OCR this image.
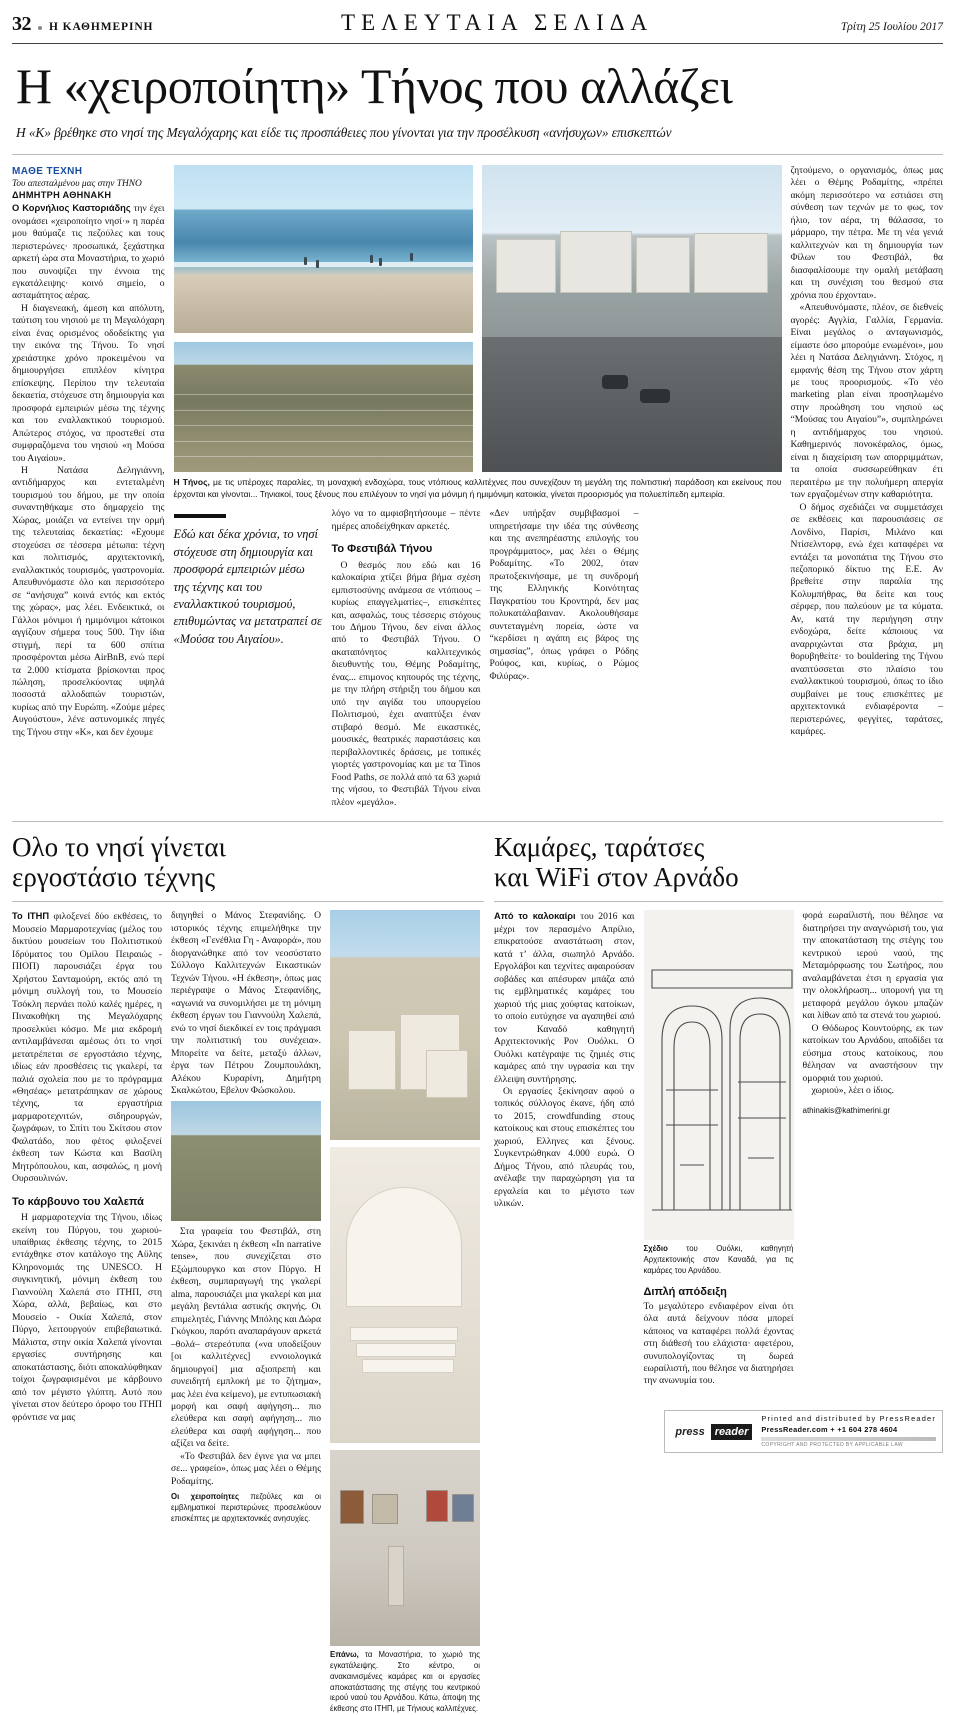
32 Η ΚΑΘΗΜΕΡΙΝΗ	ΤΕΛΕΥΤΑΙΑ ΣΕΛΙΔΑ	Τρίτη 25 Ιουλίου 2017
Η «χειροποίητη» Τήνος που αλλάζει
Η «Κ» βρέθηκε στο νησί της Μεγαλόχαρης και είδε τις προσπάθειες που γίνονται για την προσέλκυση «ανήσυχων» επισκεπτών

ΜΑΘΕ ΤΕΧΝΗ

Του απεσταλμένου μας στην ΤΗΝΟ

ΔΗΜΗΤΡΗ ΑΘΗΝΑΚΗ

Ο Κορνήλιος Καστοριάδης την έχει ονομάσει «χειροποίητο νησί·» η παρέα μου θαύμαζε τις πεζούλες και τους περιστερώνες· προσωπικά, ξεχάστηκα αρκετή ώρα στα Μοναστήρια, το χωριό που συνοψίζει την έννοια της εγκατάλειψης· κοινό σημείο, ο ασταμάτητος αέρας.

Η διαγενεακή, άμεση και απόλυτη, ταύτιση του νησιού με τη Μεγαλόχαρη είναι ένας ορισμένος οδοδείκτης για την εικόνα της Τήνου. Το νησί χρειάστηκε χρόνο προκειμένου να δημιουργήσει επιπλέον κίνητρα επίσκεψης. Περίπου την τελευταία δεκαετία, στόχευσε στη δημιουργία και προσφορά εμπειριών μέσω της τέχνης και του εναλλακτικού τουρισμού. Απώτερος στόχος, να προστεθεί στα συμφραζόμενα του νησιού «η Μούσα του Αιγαίου».

Η Νατάσα Δεληγιάννη, αντιδήμαρχος και εντεταλμένη τουρισμού του δήμου, με την οποία συναντηθήκαμε στο δημαρχείο της Χώρας, μοιάζει να εντείνει την ορμή της τελευταίας δεκαετίας: «Εχουμε στοχεύσει σε τέσσερα μέτωπα: τέχνη και πολιτισμός, αρχιτεκτονική, εναλλακτικός τουρισμός, γαστρονομία. Απευθυνόμαστε όλο και περισσότερο σε “ανήσυχα” κοινά εντός και εκτός της χώρας», μας λέει. Ενδεικτικά, οι Γάλλοι μόνιμοι ή ημιμόνιμοι κάτοικοι αγγίζουν σήμερα τους 500. Την ίδια στιγμή, περί τα 600 σπίτια προσφέρονται μέσω AirBnB, ενώ περί τα 2.000 κτίσματα βρίσκονται προς πώληση, προσελκύοντας υψηλά ποσοστά αλλοδαπών τουριστών, κυρίως από την Ευρώπη. «Ζούμε μέρες Αυγούστου», λένε αστυνομικές πηγές της Τήνου στην «Κ», και δεν έχουμε

Η Τήνος, με τις υπέροχες παραλίες, τη μοναχική ενδοχώρα, τους ντόπιους καλλιτέχνες που συνεχίζουν τη μεγάλη της πολιτιστική παράδοση και εκείνους που έρχονται και γίνονται... Τηνιακοί, τους ξένους που επιλέγουν το νησί για μόνιμη ή ημιμόνιμη κατοικία, γίνεται προορισμός για πολυεπίπεδη εμπειρία.
Εδώ και δέκα χρόνια, το νησί στόχευσε στη δημιουργία και προσφορά εμπειριών μέσω της τέχνης και του εναλλακτικού τουρισμού, επιθυμώντας να μετατραπεί σε «Μούσα του Αιγαίου».

λόγο να το αμφισβητήσουμε – πέντε ημέρες αποδείχθηκαν αρκετές.

Το Φεστιβάλ Τήνου

Ο θεσμός που εδώ και 16 καλοκαίρια χτίζει βήμα βήμα σχέση εμπιστοσύνης ανάμεσα σε ντόπιους –κυρίως επαγγελματίες–, επισκέπτες και, ασφαλώς, τους τέσσερις στόχους του Δήμου Τήνου, δεν είναι άλλος από το Φεστιβάλ Τήνου. Ο ακαταπόνητος καλλιτεχνικός διευθυντής του, Θέμης Ροδαμίτης, ένας... επιμονος κηπουρός της τέχνης, με την πλήρη στήριξη του δήμου και υπό την αιγίδα του υπουργείου Πολιτισμού, έχει αναπτύξει έναν στιβαρό θεσμό. Με εικαστικές, μουσικές, θεατρικές παραστάσεις και περιβαλλοντικές δράσεις, με τοπικές γιορτές γαστρονομίας και με τα Tinos Food Paths, σε πολλά από τα 63 χωριά της νήσου, το Φεστιβάλ Τήνου είναι πλέον «μεγάλο».

«Δεν υπήρξαν συμβιβασμοί – υπηρετήσαμε την ιδέα της σύνθεσης και της ανεπηρέαστης επιλογής του προγράμματος», μας λέει ο Θέμης Ροδαμίτης. «Το 2002, όταν πρωτοξεκινήσαμε, με τη συνδρομή της Ελληνικής Κοινότητας Παγκρατίου του Κροντηρά, δεν μας πολυκατάλαβαιναν. Ακολουθήσαμε συντεταγμένη πορεία, ώστε να “κερδίσει η αγάπη εις βάρος της σημασίας”, όπως γράφει ο Ρόδης Ρούφος, και, κυρίως, ο Ρώμος Φιλύρας».

ζητούμενο, ο οργανισμός, όπως μας λέει ο Θέμης Ροδαμίτης, «πρέπει ακόμη περισσότερο να εστιάσει στη σύνθεση των τεχνών με το φως, τον ήλιο, τον αέρα, τη θάλασσα, το μάρμαρο, την πέτρα. Με τη νέα γενιά καλλιτεχνών και τη δημιουργία των Φίλων του Φεστιβάλ, θα διασφαλίσουμε την ομαλή μετάβαση και τη συνέχιση του θεσμού στα χρόνια που έρχονται».

«Απευθυνόμαστε, πλέον, σε διεθνείς αγορές: Αγγλία, Γαλλία, Γερμανία. Είναι μεγάλος ο ανταγωνισμός, είμαστε όσο μπορούμε ενωμένοι», μου λέει η Νατάσα Δεληγιάννη. Στόχος, η εμφανής θέση της Τήνου στον χάρτη με τους προορισμούς. «Το νέο marketing plan είναι προσηλωμένο στην προώθηση του νησιού ως “Μούσας του Αιγαίου”», συμπληρώνει η αντιδήμαρχος του νησιού. Καθημερινός πονοκέφαλος, όμως, είναι η διαχείριση των απορριμμάτων, τα οποία συσσωρεύθηκαν έτι περαιτέρω με την πολυήμερη απεργία των εργαζομένων στην καθαριότητα.

Ο δήμος σχεδιάζει να συμμετάσχει σε εκθέσεις και παρουσιάσεις σε Λονδίνο, Παρίσι, Μιλάνο και Ντίσελντορφ, ενώ έχει καταφέρει να εντάξει τα μονοπάτια της Τήνου στο πεζοπορικό δίκτυο της Ε.Ε. Αν βρεθείτε στην παραλία της Κολυμπήθρας, θα δείτε και τους σέρφερ, που παλεύουν με τα κύματα. Αν, κατά την περιήγηση στην ενδοχώρα, δείτε κάποιους να αναρριχώνται στα βράχια, μη θορυβηθείτε· το bouldering της Τήνου αναπτύσσεται στο πλαίσιο του εναλλακτικού τουρισμού, όπως το ίδιο συμβαίνει με τους επισκέπτες με αρχιτεκτονικά ενδιαφέροντα – περιστερώνες, φεγγίτες, ταράτσες, καμάρες.

Ολο το νησί γίνεται
εργοστάσιο τέχνης

Το ΙΤΗΠ φιλοξενεί δύο εκθέσεις, το Μουσείο Μαρμαροτεχνίας (μέλος του δικτύου μουσείων του Πολιτιστικού Ιδρύματος του Ομίλου Πειραιώς - ΠΙΟΠ) παρουσιάζει έργα του Χρήστου Σανταμούρη, εκτός από τη μόνιμη συλλογή του, το Μουσείο Τσόκλη περνάει πολύ καλές ημέρες, η Πινακοθήκη της Μεγαλόχαρης προσελκύει κόσμο. Με μια εκδρομή αντιλαμβάνεσαι αμέσως ότι το νησί μετατρέπεται σε εργοστάσιο τέχνης, ιδίως εάν προσθέσεις τις γκαλερί, τα παλιά σχολεία που με το πρόγραμμα «Θησέας» μετατράπηκαν σε χώρους τέχνης, τα εργαστήρια μαρμαροτεχνιτών, σιδηρουργών, ζωγράφων, το Σπίτι του Σκίτσου στον Φαλατάδο, που φέτος φιλοξενεί έκθεση των Κώστα και Βασίλη Μητρόπουλου, και, ασφαλώς, η μονή Ουρσουλινών.

Το κάρβουνο του Χαλεπά

Η μαρμαροτεχνία της Τήνου, ιδίως εκείνη του Πύργου, του χωριού-υπαίθριας έκθεσης τέχνης, το 2015 εντάχθηκε στον κατάλογο της Αϋλης Κληρονομιάς της UNESCO. Η συγκινητική, μόνιμη έκθεση του Γιαννούλη Χαλεπά στο ΙΤΗΠ, στη Χώρα, αλλά, βεβαίως, και στο Μουσείο - Οικία Χαλεπά, στον Πύργο, λειτουργούν επιβεβαιωτικά. Μάλιστα, στην οικία Χαλεπά γίνονται εργασίες συντήρησης και αποκατάστασης, διότι αποκαλύφθηκαν τοίχοι ζωγραφισμένοι με κάρβουνο από τον μέγιστο γλύπτη. Αυτό που γίνεται στον δεύτερο όροφο του ΙΤΗΠ φρόντισε να μας

διηγηθεί ο Μάνος Στεφανίδης. Ο ιστορικός τέχνης επιμελήθηκε την έκθεση «Γενέθλια Γη - Αναφορά», που διοργανώθηκε από τον νεοσύστατο Σύλλογο Καλλιτεχνών Εικαστικών Τεχνών Τήνου. «Η έκθεση», όπως μας περιέγραψε ο Μάνος Στεφανίδης, «αγωνιά να συνομιλήσει με τη μόνιμη έκθεση έργων του Γιαννούλη Χαλεπά, ενώ το νησί διεκδικεί εν τοις πράγμασι την πολιτιστική του συνέχεια». Μπορείτε να δείτε, μεταξύ άλλων, έργα των Πέτρου Ζουμπουλάκη, Αλέκου Κυραρίνη, Δημήτρη Σκαλκώτου, Εβελυν Φώσκολου.

Στα γραφεία του Φεστιβάλ, στη Χώρα, ξεκινάει η έκθεση «In narrative tense», που συνεχίζεται στο Εξώμπουργκο και στον Πύργο. Η έκθεση, συμπαραγωγή της γκαλερί alma, παρουσιάζει μια γκαλερί και μια μεγάλη βεντάλια αστικής σκηνής. Οι επιμελητές, Γιάννης Μπόλης και Δώρα Γκόγκου, παρότι αναπαράγουν αρκετά –θολά– στερεότυπα («να υποδείξουν [οι καλλιτέχνες] εννοιολογικά δημιουργοί] μια αξιοπρεπή και συνειδητή εμπλοκή με το ζήτημα», μας λέει ένα κείμενο), με εντυπωσιακή μορφή και σαφή αφήγηση... πιο ελεύθερα και σαφή αφήγηση... πιο ελεύθερα και σαφή αφήγηση... που αξίζει να δείτε.

«Το Φεστιβάλ δεν έγινε για να μπει σε... γραφείο», όπως μας λέει ο Θέμης Ροδαμίτης.

Οι χειροποίητες πεζούλες και οι εμβληματικοί περιστερώνες προσελκύουν επισκέπτες με αρχιτεκτονικές ανησυχίες.
Επάνω, τα Μοναστήρια, το χωριό της εγκατάλειψης. Στο κέντρο, οι ανακαινισμένες καμάρες και οι εργασίες αποκατάστασης της στέγης του κεντρικού ιερού ναού του Αρνάδου. Κάτω, άποψη της έκθεσης στο ΙΤΗΠ, με Τήνιους καλλιτέχνες.
Καμάρες, ταράτσες
και WiFi στον Αρνάδο

Από το καλοκαίρι του 2016 και μέχρι τον περασμένο Απρίλιο, επικρατούσε αναστάτωση στον, κατά τ’ άλλα, σιωπηλό Αρνάδο. Εργολάβοι και τεχνίτες αφαιρούσαν σοβάδες και απέσυραν μπάζα από τις εμβληματικές καμάρες του χωριού τής μιας χούφτας κατοίκων, το οποίο ευτύχησε να αγαπηθεί από τον Καναδό καθηγητή Αρχιτεκτονικής Ρον Ουόλκι. Ο Ουόλκι κατέγραψε τις ζημιές στις καμάρες από την υγρασία και την έλλειψη συντήρησης.

Οι εργασίες ξεκίνησαν αφού ο τοπικός σύλλογος έκανε, ήδη από το 2015, crowdfunding στους κατοίκους και στους επισκέπτες του χωριού, Ελληνες και ξένους. Συγκεντρώθηκαν 4.000 ευρώ. Ο Δήμος Τήνου, από πλευράς του, ανέλαβε την παραχώρηση για τα εργαλεία και το μέγιστο των υλικών.

Σχέδιο του Ουόλκι, καθηγητή Αρχιτεκτονικής στον Καναδά, για τις καμάρες του Αρνάδου.
Διπλή απόδειξη

Το μεγαλύτερο ενδιαφέρον είναι ότι όλα αυτά δείχνουν πόσα μπορεί κάποιος να καταφέρει πολλά έχοντας στη διάθεσή του ελάχιστα· αφετέρου, συνυπολογίζοντας τη δωρεά εωραίλιστή, που θέλησε να διατηρήσει την ανωνυμία του.

φορά εωραίλιστή, που θέλησε να διατηρήσει την αναγνώρισή του, για την αποκατάσταση της στέγης του κεντρικού ιερού ναού, της Μεταμόρφωσης του Σωτήρος, που αναλαμβάνεται έτσι η εργασία για την ολοκλήρωση... υπομονή για τη μεταφορά μεγάλου όγκου μπαζών και λίθων από τα στενά του χωριού.

Ο Θόδωρος Κουντούρης, εκ των κατοίκων του Αρνάδου, αποδίδει τα εύσημα στους κατοίκους, που θέλησαν να αναστήσουν την ομορφιά του χωριού.

χωριού», λέει ο ίδιος.

athinakis@kathimerini.gr
press reader
Printed and distributed by PressReader
PressReader.com + +1 604 278 4604
COPYRIGHT AND PROTECTED BY APPLICABLE LAW
